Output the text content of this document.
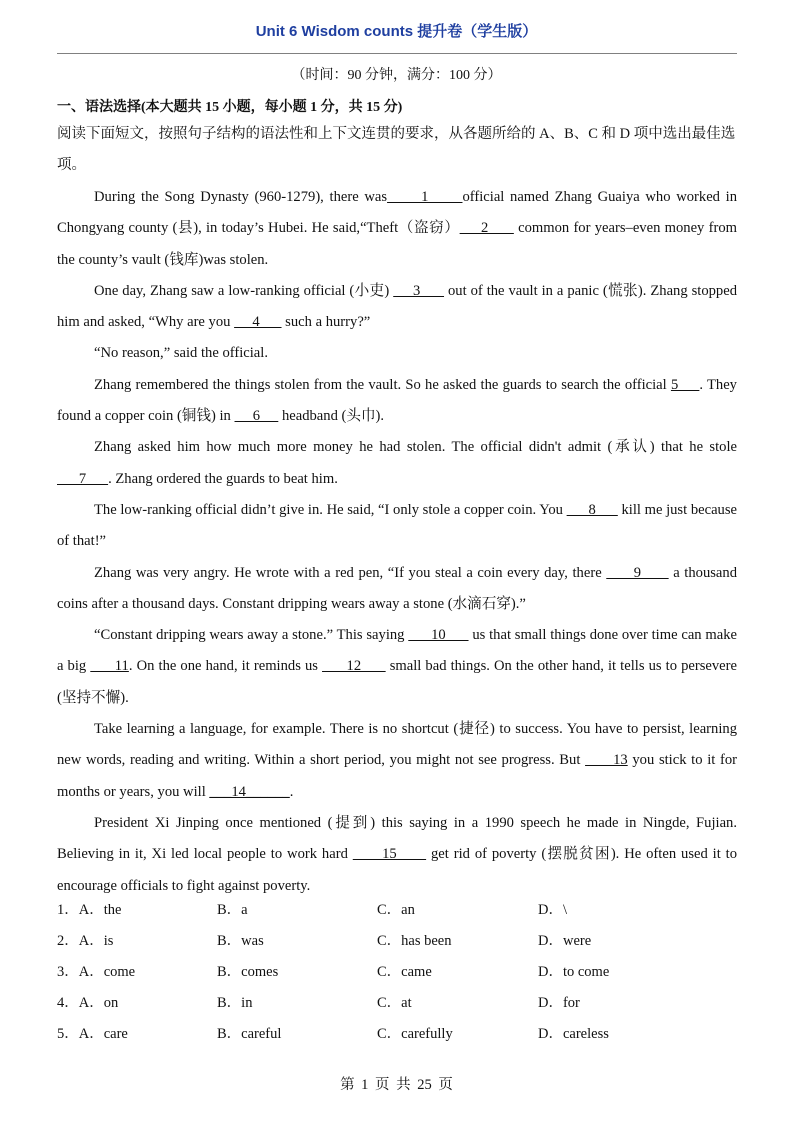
Unit 6 Wisdom counts 提升卷（学生版）
（时间：90 分钟，满分：100 分）
一、语法选择(本大题共 15 小题，每小题 1 分，共 15 分)
阅读下面短文，按照句子结构的语法性和上下文连贯的要求，从各题所给的 A、B、C 和 D 项中选出最佳选项。

During the Song Dynasty (960-1279), there was      1      official named Zhang Guaiya who worked in Chongyang county (县), in today’s Hubei. He said,“Theft（盗窃）     2       common for years–even money from the county’s vault (钱库)was stolen.

One day, Zhang saw a low-ranking official (小吏)      3       out of the vault in a panic (慌张). Zhang stopped him and asked, “Why are you      4       such a hurry?”

“No reason,” said the official.

Zhang remembered the things stolen from the vault. So he asked the guards to search the official 5     . They found a copper coin (铜钱) in      6      headband (头巾).

Zhang asked him how much more money he had stolen. The official didn't admit (承认) that he stole       7      . Zhang ordered the guards to beat him.

The low-ranking official didn’t give in. He said, “I only stole a copper coin. You       8       kill me just because of that!”

Zhang was very angry. He wrote with a red pen, “If you steal a coin every day, there       9       a thousand coins after a thousand days. Constant dripping wears away a stone (水滴石穿).”

“Constant dripping wears away a stone.” This saying       10       us that small things done over time can make a big       11. On the one hand, it reminds us       12       small bad things. On the other hand, it tells us to persevere (坚持不懈).

Take learning a language, for example. There is no shortcut (捷径) to success. You have to persist, learning new words, reading and writing. Within a short period, you might not see progress. But       13 you stick to it for months or years, you will ___14______.

President Xi Jinping once mentioned (提到) this saying in a 1990 speech he made in Ningde, Fujian. Believing in it, Xi led local people to work hard       15       get rid of poverty (摆脱贫困). He often used it to encourage officials to fight against poverty.

1．A．the	B．a	C．an	D．\
2．A．is	B．was	C．has been	D．were
3．A．come	B．comes	C．came	D．to come
4．A．on	B．in	C．at	D．for
5．A．care	B．careful	C．carefully	D．careless
第 1 页 共 25 页
